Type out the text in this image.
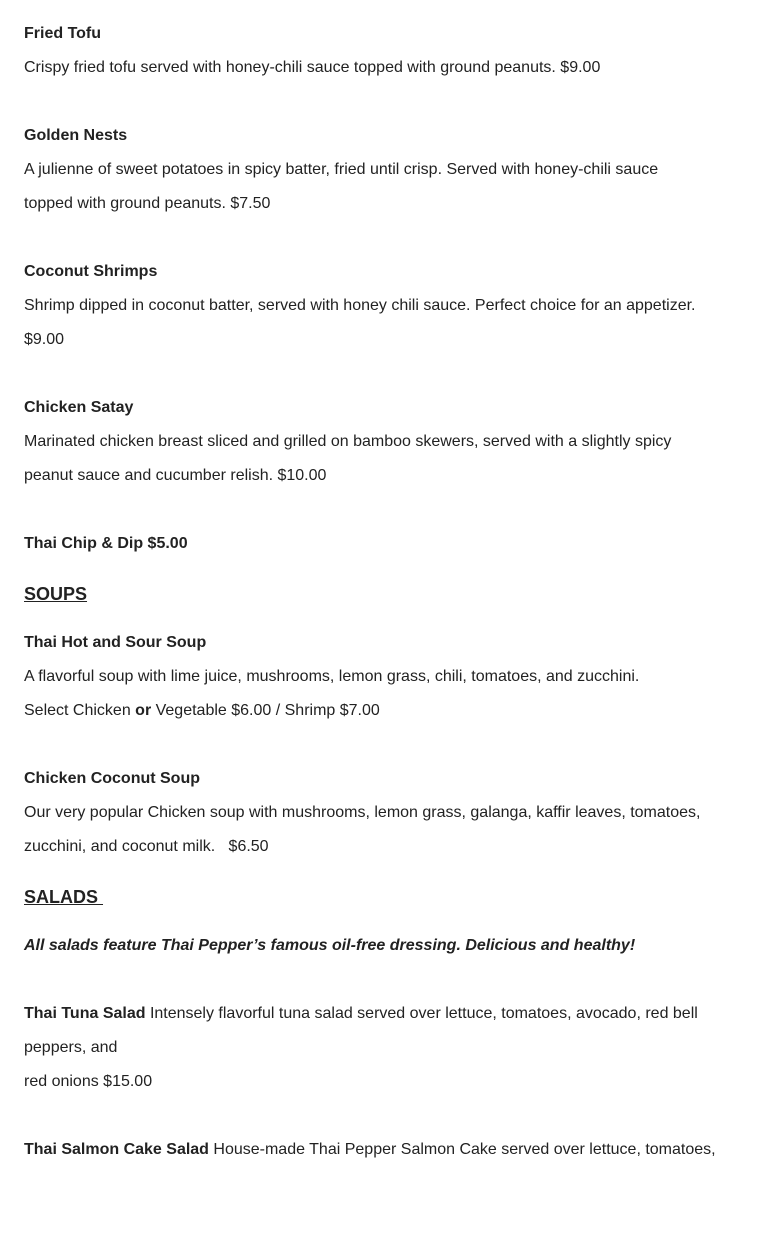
Fried Tofu

Crispy fried tofu served with honey-chili sauce topped with ground peanuts. $9.00

Golden Nests

A julienne of sweet potatoes in spicy batter, fried until crisp. Served with honey-chili sauce

topped with ground peanuts. $7.50

Coconut Shrimps

Shrimp dipped in coconut batter, served with honey chili sauce. Perfect choice for an appetizer.

$9.00

Chicken Satay

Marinated chicken breast sliced and grilled on bamboo skewers, served with a slightly spicy

peanut sauce and cucumber relish. $10.00

Thai Chip & Dip $5.00

SOUPS

Thai Hot and Sour Soup

A flavorful soup with lime juice, mushrooms, lemon grass, chili, tomatoes, and zucchini.

Select Chicken or Vegetable $6.00 / Shrimp $7.00

Chicken Coconut Soup

Our very popular Chicken soup with mushrooms, lemon grass, galanga, kaffir leaves, tomatoes,

zucchini, and coconut milk.   $6.50

SALADS

All salads feature Thai Pepper’s famous oil-free dressing. Delicious and healthy!

Thai Tuna Salad Intensely flavorful tuna salad served over lettuce, tomatoes, avocado, red bell

peppers, and

red onions $15.00

Thai Salmon Cake Salad House-made Thai Pepper Salmon Cake served over lettuce, tomatoes,
